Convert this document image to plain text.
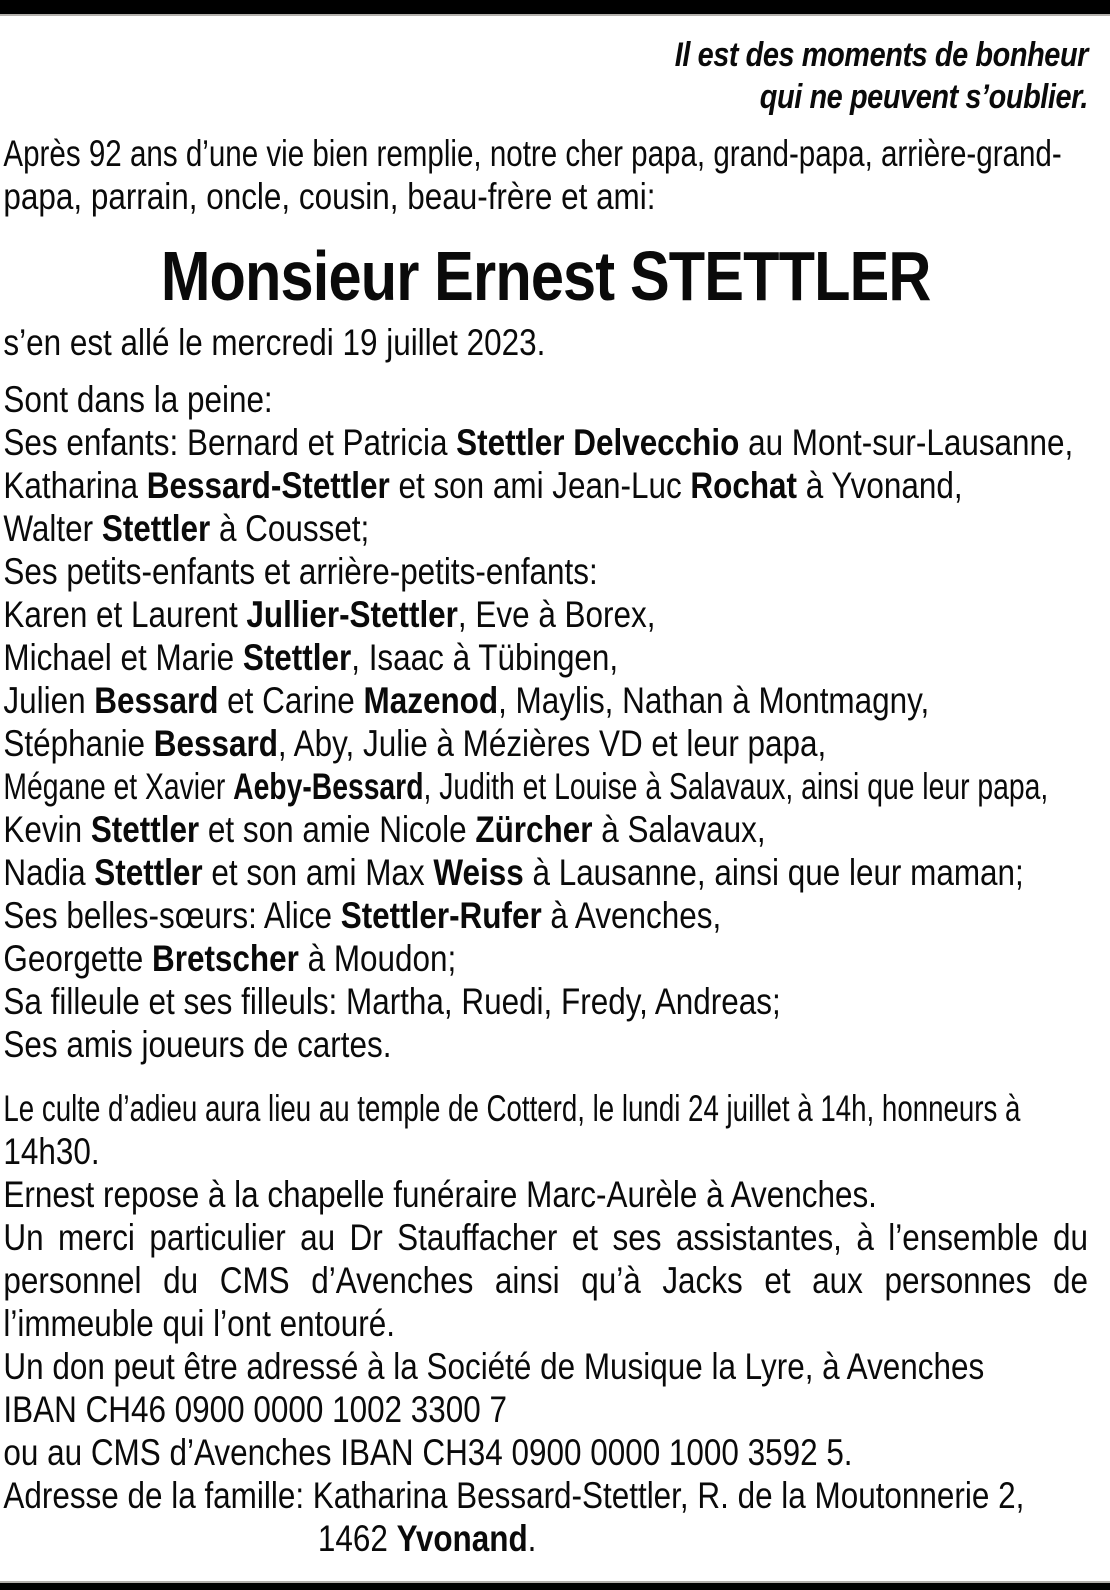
Il est des moments de bonheur
qui ne peuvent s’oublier.
Après 92 ans d’une vie bien remplie, notre cher papa, grand-papa, arrière-grand-
papa, parrain, oncle, cousin, beau-frère et ami:
Monsieur Ernest STETTLER
s’en est allé le mercredi 19 juillet 2023.
Sont dans la peine:
Ses enfants: Bernard et Patricia Stettler Delvecchio au Mont-sur-Lausanne,
Katharina Bessard-Stettler et son ami Jean-Luc Rochat à Yvonand,
Walter Stettler à Cousset;
Ses petits-enfants et arrière-petits-enfants:
Karen et Laurent Jullier-Stettler, Eve à Borex,
Michael et Marie Stettler, Isaac à Tübingen,
Julien Bessard et Carine Mazenod, Maylis, Nathan à Montmagny,
Stéphanie Bessard, Aby, Julie à Mézières VD et leur papa,
Mégane et Xavier Aeby-Bessard, Judith et Louise à Salavaux, ainsi que leur papa,
Kevin Stettler et son amie Nicole Zürcher à Salavaux,
Nadia Stettler et son ami Max Weiss à Lausanne, ainsi que leur maman;
Ses belles-sœurs: Alice Stettler-Rufer à Avenches,
Georgette Bretscher à Moudon;
Sa filleule et ses filleuls: Martha, Ruedi, Fredy, Andreas;
Ses amis joueurs de cartes.
Le culte d’adieu aura lieu au temple de Cotterd, le lundi 24 juillet à 14h, honneurs à
14h30.
Ernest repose à la chapelle funéraire Marc-Aurèle à Avenches.
Un merci particulier au Dr Stauffacher et ses assistantes, à l’ensemble du
personnel du CMS d’Avenches ainsi qu’à Jacks et aux personnes de
l’immeuble qui l’ont entouré.
Un don peut être adressé à la Société de Musique la Lyre, à Avenches
IBAN CH46 0900 0000 1002 3300 7
ou au CMS d’Avenches IBAN CH34 0900 0000 1000 3592 5.
Adresse de la famille: Katharina Bessard-Stettler, R. de la Moutonnerie 2,
1462 Yvonand.
